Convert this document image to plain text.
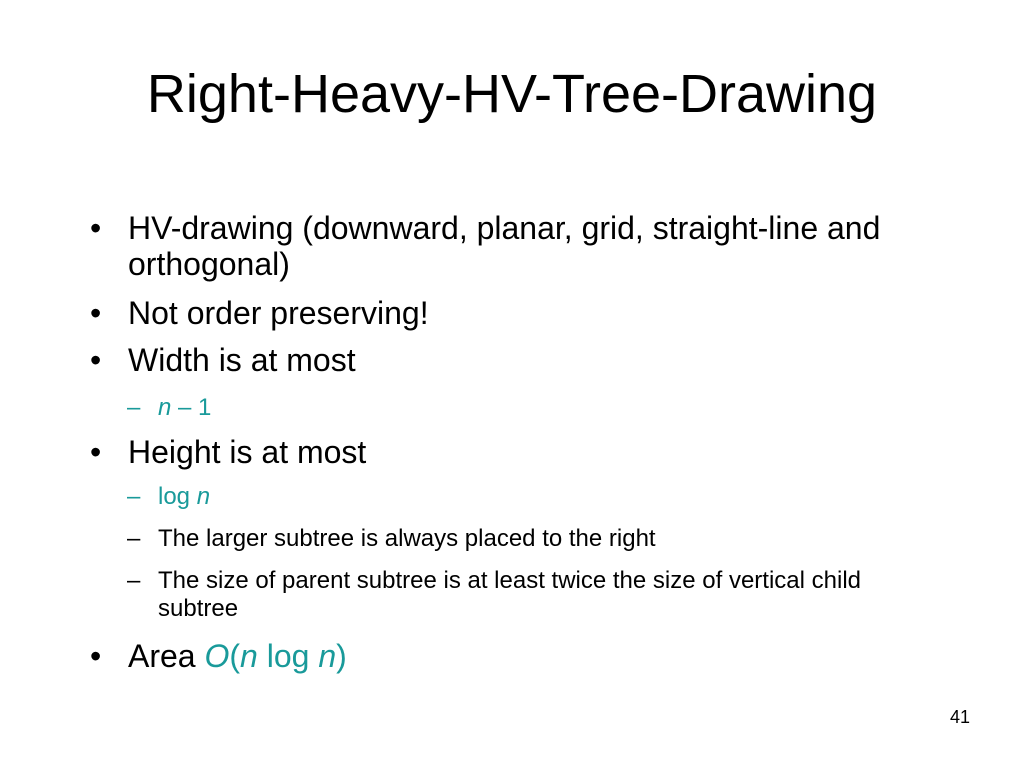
Right-Heavy-HV-Tree-Drawing
• HV-drawing (downward, planar, grid, straight-line and orthogonal)
• Not order preserving!
• Width is at most
– n – 1
• Height is at most
– log n
– The larger subtree is always placed to the right
– The size of parent subtree is at least twice the size of vertical child subtree
• Area O(n log n)
41
